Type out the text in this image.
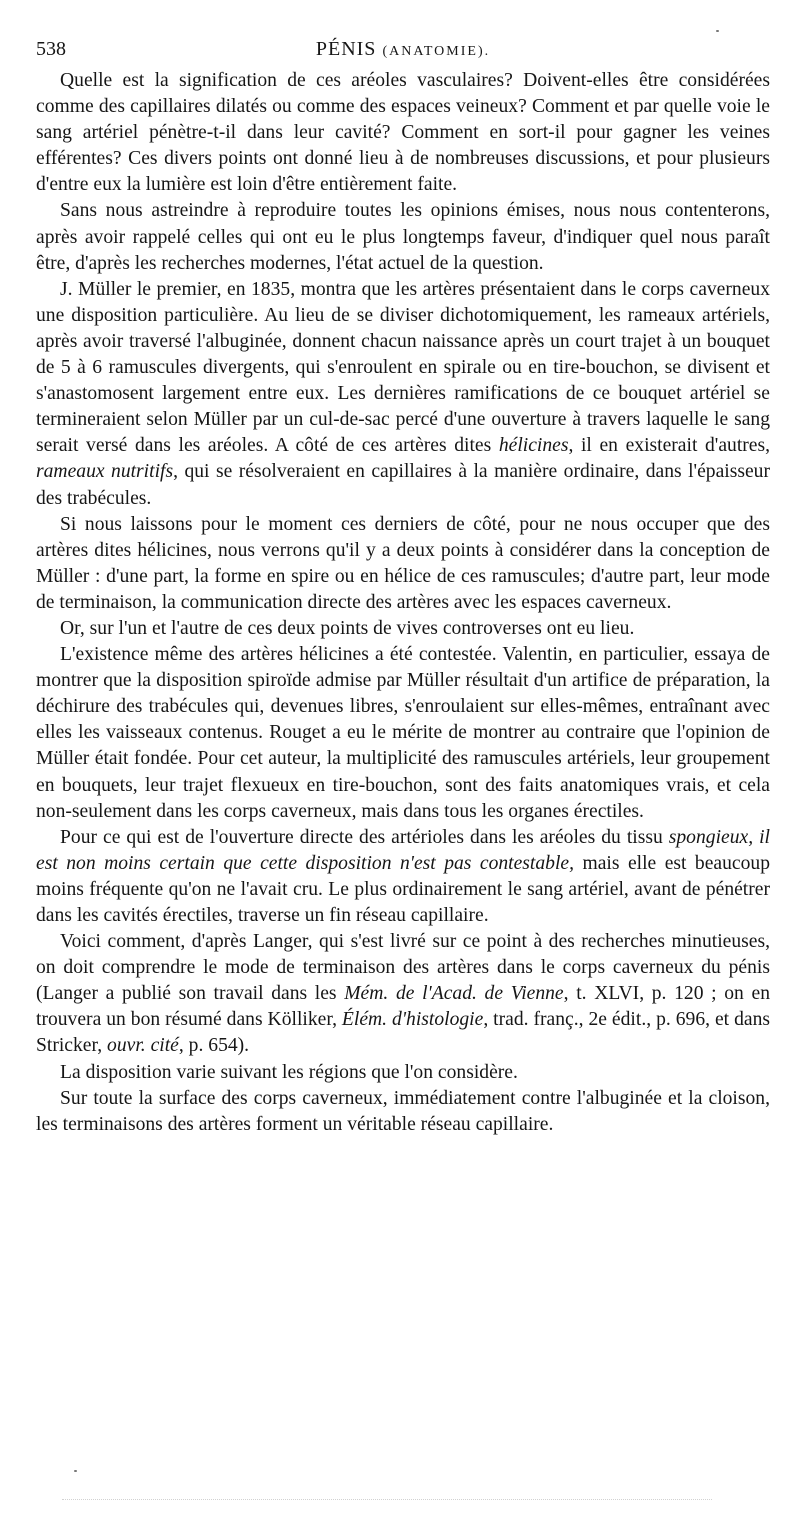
538	PÉNIS (ANATOMIE).

Quelle est la signification de ces aréoles vasculaires? Doivent-elles être considérées comme des capillaires dilatés ou comme des espaces veineux? Comment et par quelle voie le sang artériel pénètre-t-il dans leur cavité? Comment en sort-il pour gagner les veines efférentes? Ces divers points ont donné lieu à de nombreuses discussions, et pour plusieurs d'entre eux la lumière est loin d'être entièrement faite.

Sans nous astreindre à reproduire toutes les opinions émises, nous nous contenterons, après avoir rappelé celles qui ont eu le plus longtemps faveur, d'indiquer quel nous paraît être, d'après les recherches modernes, l'état actuel de la question.

J. Müller le premier, en 1835, montra que les artères présentaient dans le corps caverneux une disposition particulière. Au lieu de se diviser dichotomiquement, les rameaux artériels, après avoir traversé l'albuginée, donnent chacun naissance après un court trajet à un bouquet de 5 à 6 ramuscules divergents, qui s'enroulent en spirale ou en tire-bouchon, se divisent et s'anastomosent largement entre eux. Les dernières ramifications de ce bouquet artériel se termineraient selon Müller par un cul-de-sac percé d'une ouverture à travers laquelle le sang serait versé dans les aréoles. A côté de ces artères dites hélicines, il en existerait d'autres, rameaux nutritifs, qui se résolveraient en capillaires à la manière ordinaire, dans l'épaisseur des trabécules.

Si nous laissons pour le moment ces derniers de côté, pour ne nous occuper que des artères dites hélicines, nous verrons qu'il y a deux points à considérer dans la conception de Müller : d'une part, la forme en spire ou en hélice de ces ramuscules; d'autre part, leur mode de terminaison, la communication directe des artères avec les espaces caverneux.

Or, sur l'un et l'autre de ces deux points de vives controverses ont eu lieu.

L'existence même des artères hélicines a été contestée. Valentin, en particulier, essaya de montrer que la disposition spiroïde admise par Müller résultait d'un artifice de préparation, la déchirure des trabécules qui, devenues libres, s'enroulaient sur elles-mêmes, entraînant avec elles les vaisseaux contenus. Rouget a eu le mérite de montrer au contraire que l'opinion de Müller était fondée. Pour cet auteur, la multiplicité des ramuscules artériels, leur groupement en bouquets, leur trajet flexueux en tire-bouchon, sont des faits anatomiques vrais, et cela non-seulement dans les corps caverneux, mais dans tous les organes érectiles.

Pour ce qui est de l'ouverture directe des artérioles dans les aréoles du tissu spongieux, il est non moins certain que cette disposition n'est pas contestable, mais elle est beaucoup moins fréquente qu'on ne l'avait cru. Le plus ordinairement le sang artériel, avant de pénétrer dans les cavités érectiles, traverse un fin réseau capillaire.

Voici comment, d'après Langer, qui s'est livré sur ce point à des recherches minutieuses, on doit comprendre le mode de terminaison des artères dans le corps caverneux du pénis (Langer a publié son travail dans les Mém. de l'Acad. de Vienne, t. XLVI, p. 120 ; on en trouvera un bon résumé dans Kölliker, Élém. d'histologie, trad. franç., 2e édit., p. 696, et dans Stricker, ouvr. cité, p. 654).

La disposition varie suivant les régions que l'on considère.

Sur toute la surface des corps caverneux, immédiatement contre l'albuginée et la cloison, les terminaisons des artères forment un véritable réseau capillaire.
